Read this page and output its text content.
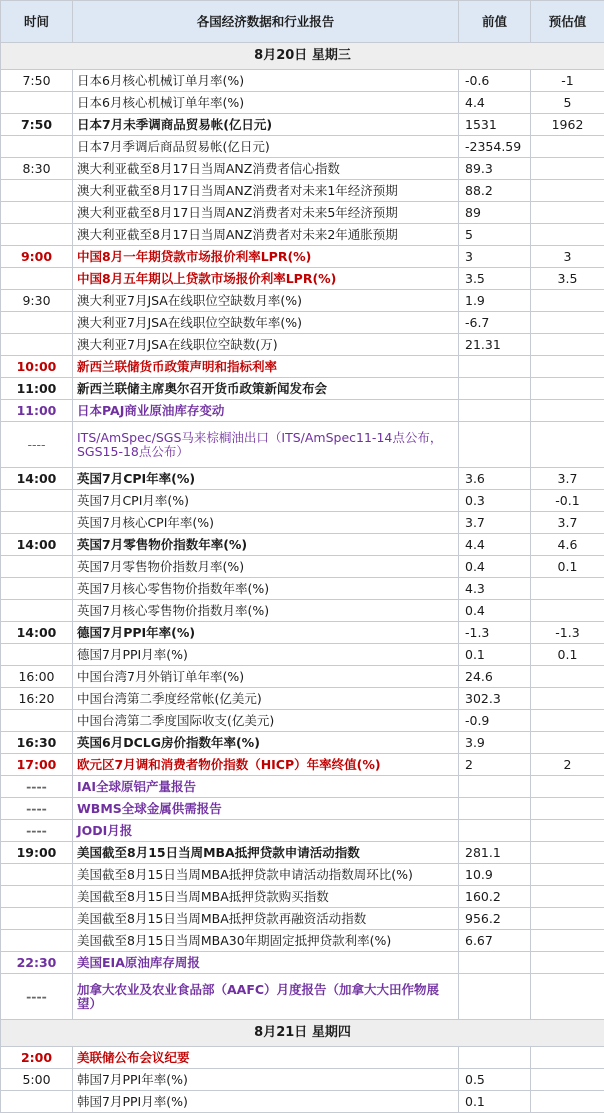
时间	各国经济数据和行业报告	前值	预估值
8月20日 星期三			
7:50	日本6月核心机械订单月率(%)	-0.6	-1
	日本6月核心机械订单年率(%)	4.4	5
7:50	日本7月未季调商品贸易帐(亿日元)	1531	1962
	日本7月季调后商品贸易帐(亿日元)	-2354.59	
8:30	澳大利亚截至8月17日当周ANZ消费者信心指数	89.3	
	澳大利亚截至8月17日当周ANZ消费者对未来1年经济预期	88.2	
	澳大利亚截至8月17日当周ANZ消费者对未来5年经济预期	89	
	澳大利亚截至8月17日当周ANZ消费者对未来2年通胀预期	5	
9:00	中国8月一年期贷款市场报价利率LPR(%)	3	3
	中国8月五年期以上贷款市场报价利率LPR(%)	3.5	3.5
9:30	澳大利亚7月JSA在线职位空缺数月率(%)	1.9	
	澳大利亚7月JSA在线职位空缺数年率(%)	-6.7	
	澳大利亚7月JSA在线职位空缺数(万)	21.31	
10:00	新西兰联储货币政策声明和指标利率		
11:00	新西兰联储主席奥尔召开货币政策新闻发布会		
11:00	日本PAJ商业原油库存变动		
----	ITS/AmSpec/SGS马来棕榈油出口（ITS/AmSpec11-14点公布，SGS15-18点公布）		
14:00	英国7月CPI年率(%)	3.6	3.7
	英国7月CPI月率(%)	0.3	-0.1
	英国7月核心CPI年率(%)	3.7	3.7
14:00	英国7月零售物价指数年率(%)	4.4	4.6
	英国7月零售物价指数月率(%)	0.4	0.1
	英国7月核心零售物价指数年率(%)	4.3	
	英国7月核心零售物价指数月率(%)	0.4	
14:00	德国7月PPI年率(%)	-1.3	-1.3
	德国7月PPI月率(%)	0.1	0.1
16:00	中国台湾7月外销订单年率(%)	24.6	
16:20	中国台湾第二季度经常帐(亿美元)	302.3	
	中国台湾第二季度国际收支(亿美元)	-0.9	
16:30	英国6月DCLG房价指数年率(%)	3.9	
17:00	欧元区7月调和消费者物价指数（HICP）年率终值(%)	2	2
----	IAI全球原铝产量报告		
----	WBMS全球金属供需报告		
----	JODI月报		
19:00	美国截至8月15日当周MBA抵押贷款申请活动指数	281.1	
	美国截至8月15日当周MBA抵押贷款申请活动指数周环比(%)	10.9	
	美国截至8月15日当周MBA抵押贷款购买指数	160.2	
	美国截至8月15日当周MBA抵押贷款再融资活动指数	956.2	
	美国截至8月15日当周MBA30年期固定抵押贷款利率(%)	6.67	
22:30	美国EIA原油库存周报		
----	加拿大农业及农业食品部（AAFC）月度报告（加拿大大田作物展望）		
8月21日 星期四			
2:00	美联储公布会议纪要		
5:00	韩国7月PPI年率(%)	0.5	
	韩国7月PPI月率(%)	0.1	
